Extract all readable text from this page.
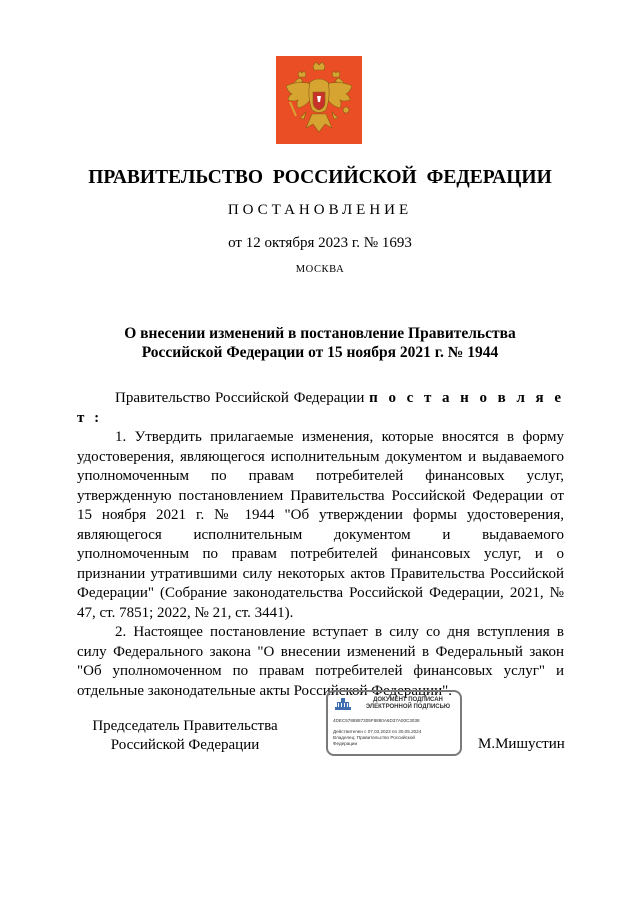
ПРАВИТЕЛЬСТВО РОССИЙСКОЙ ФЕДЕРАЦИИ
ПОСТАНОВЛЕНИЕ
от 12 октября 2023 г. № 1693
МОСКВА
О внесении изменений в постановление Правительства
Российской Федерации от 15 ноября 2021 г. № 1944

Правительство Российской Федерации п о с т а н о в л я е т :

1. Утвердить прилагаемые изменения, которые вносятся в форму удостоверения, являющегося исполнительным документом и выдаваемого уполномоченным по правам потребителей финансовых услуг, утвержденную постановлением Правительства Российской Федерации от 15 ноября 2021 г. № 1944 "Об утверждении формы удостоверения, являющегося исполнительным документом и выдаваемого уполномоченным по правам потребителей финансовых услуг, и о признании утратившими силу некоторых актов Правительства Российской Федерации" (Собрание законодательства Российской Федерации, 2021, № 47, ст. 7851; 2022, № 21, ст. 3441).

2. Настоящее постановление вступает в силу со дня вступления в силу Федерального закона "О внесении изменений в Федеральный закон "Об уполномоченном по правам потребителей финансовых услуг" и отдельные законодательные акты Российской Федерации".

Председатель Правительства
Российской Федерации
ДОКУМЕНТ ПОДПИСАН
ЭЛЕКТРОННОЙ ПОДПИСЬЮ
4DEC5788887305F8880A6D37A00C3038
Действителен с 07.03.2023 по 30.05.2024
Владелец: Правительство Российской
Федерации	М.Мишустин
